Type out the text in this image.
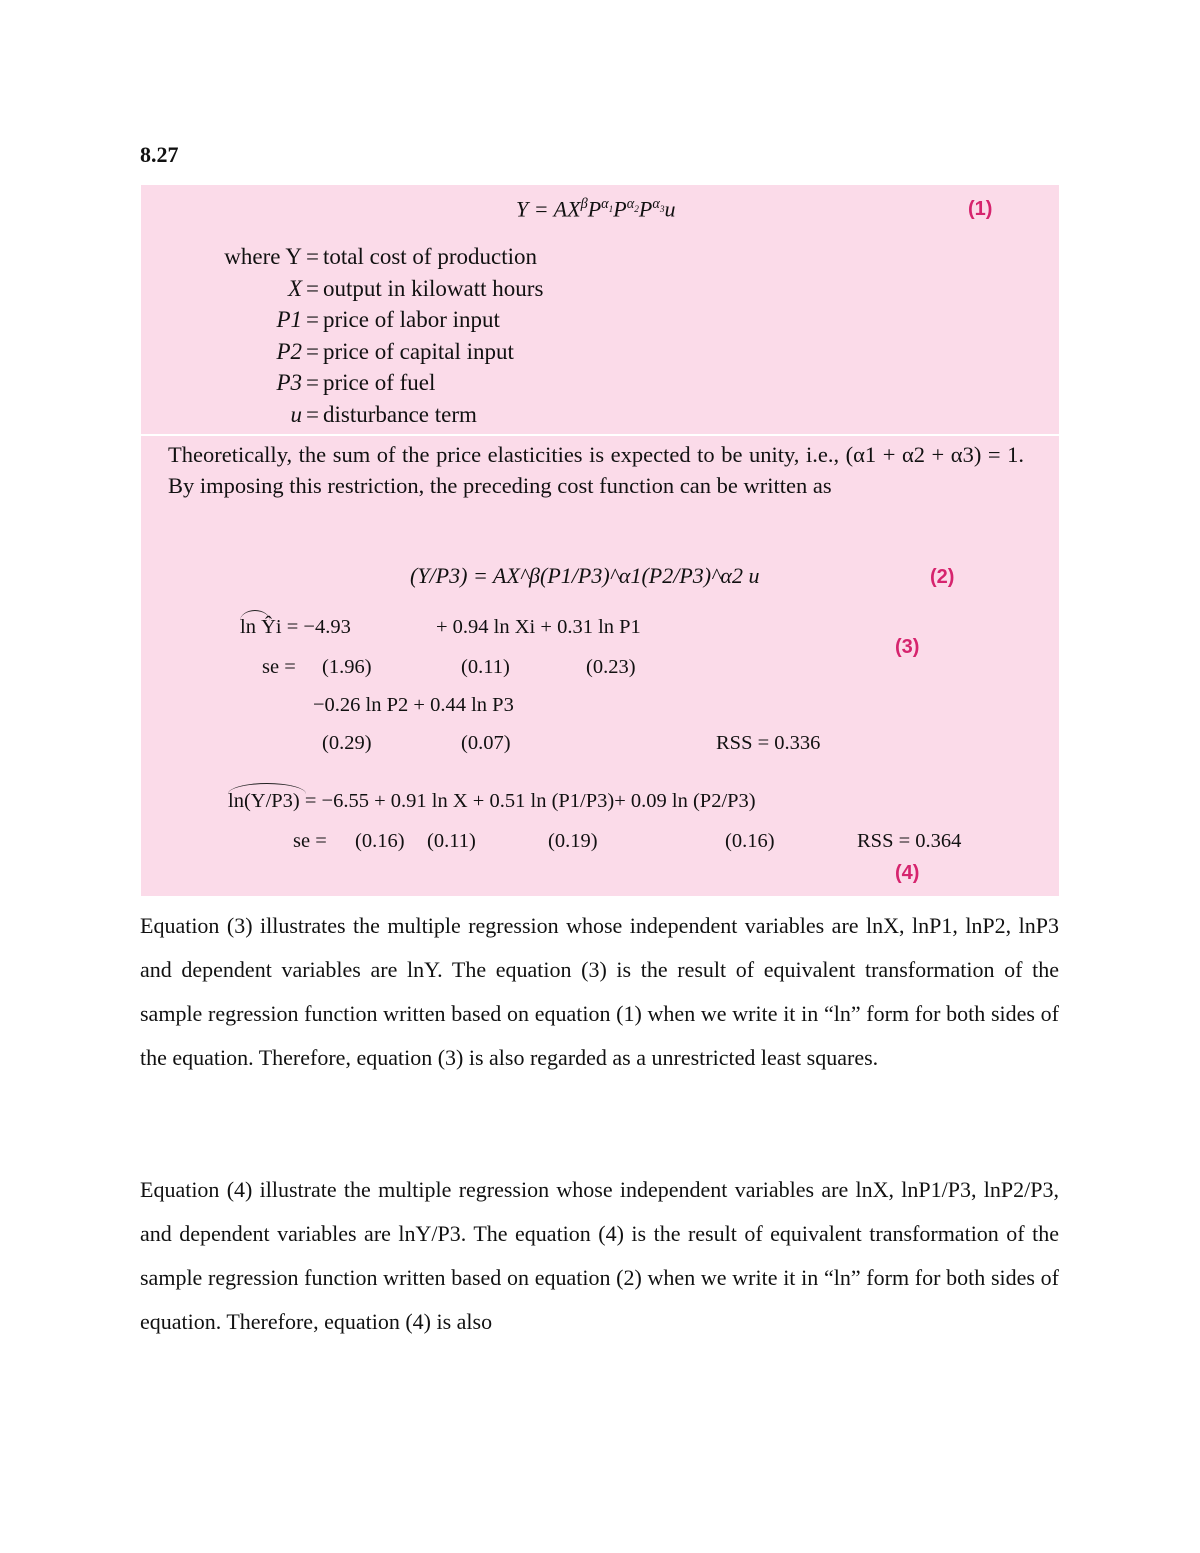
8.27
$Y = AX^\beta P^{\alpha_1}P^{\alpha_2}P^{\alpha_3}u$	(1)
where Y = total cost of production
X = output in kilowatt hours
P1 = price of labor input
P2 = price of capital input
P3 = price of fuel
u = disturbance term
Theoretically, the sum of the price elasticities is expected to be unity, i.e., (α1 + α2 + α3) = 1. By imposing this restriction, the preceding cost function can be written as
(Y/P3) = AX^β(P1/P3)^α1(P2/P3)^α2 u	(2)
ln Ŷi = −4.93	+ 0.94 ln Xi + 0.31 ln P1
(3)
se = (1.96)	(0.11)	(0.23)
−0.26 ln P2 + 0.44 ln P3
(0.29)	(0.07)	RSS = 0.336
ln(Y/P3) = −6.55 + 0.91 ln X + 0.51 ln (P1/P3)+ 0.09 ln (P2/P3)
se = (0.16) (0.11)	(0.19)	(0.16)	RSS = 0.364
(4)
Equation (3) illustrates the multiple regression whose independent variables are lnX, lnP1, lnP2, lnP3 and dependent variables are lnY. The equation (3) is the result of equivalent transformation of the sample regression function written based on equation (1) when we write it in “ln” form for both sides of the equation. Therefore, equation (3) is also regarded as a unrestricted least squares.
Equation (4) illustrate the multiple regression whose independent variables are lnX, lnP1/P3, lnP2/P3, and dependent variables are lnY/P3. The equation (4) is the result of equivalent transformation of the sample regression function written based on equation (2) when we write it in “ln” form for both sides of equation. Therefore, equation (4) is also
